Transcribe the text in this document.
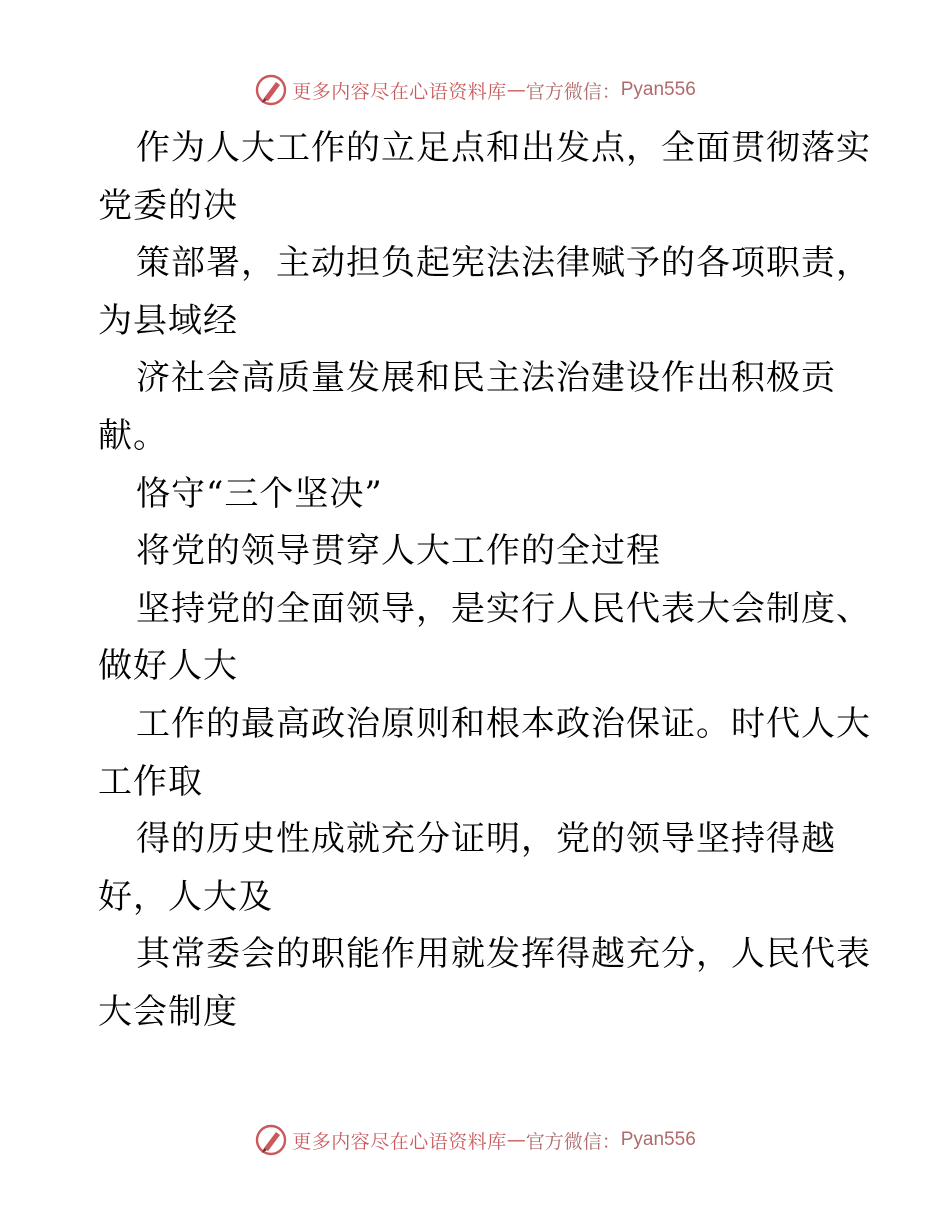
更多内容尽在心语资料库 — 官方微信： Pyan556
作为人大工作的立足点和出发点，全面贯彻落实
党委的决
策部署，主动担负起宪法法律赋予的各项职责，
为县域经
济社会高质量发展和民主法治建设作出积极贡
献。
恪守“三个坚决”
将党的领导贯穿人大工作的全过程
坚持党的全面领导，是实行人民代表大会制度、
做好人大
工作的最高政治原则和根本政治保证。时代人大
工作取
得的历史性成就充分证明，党的领导坚持得越
好，人大及
其常委会的职能作用就发挥得越充分，人民代表
大会制度
更多内容尽在心语资料库 — 官方微信： Pyan556
